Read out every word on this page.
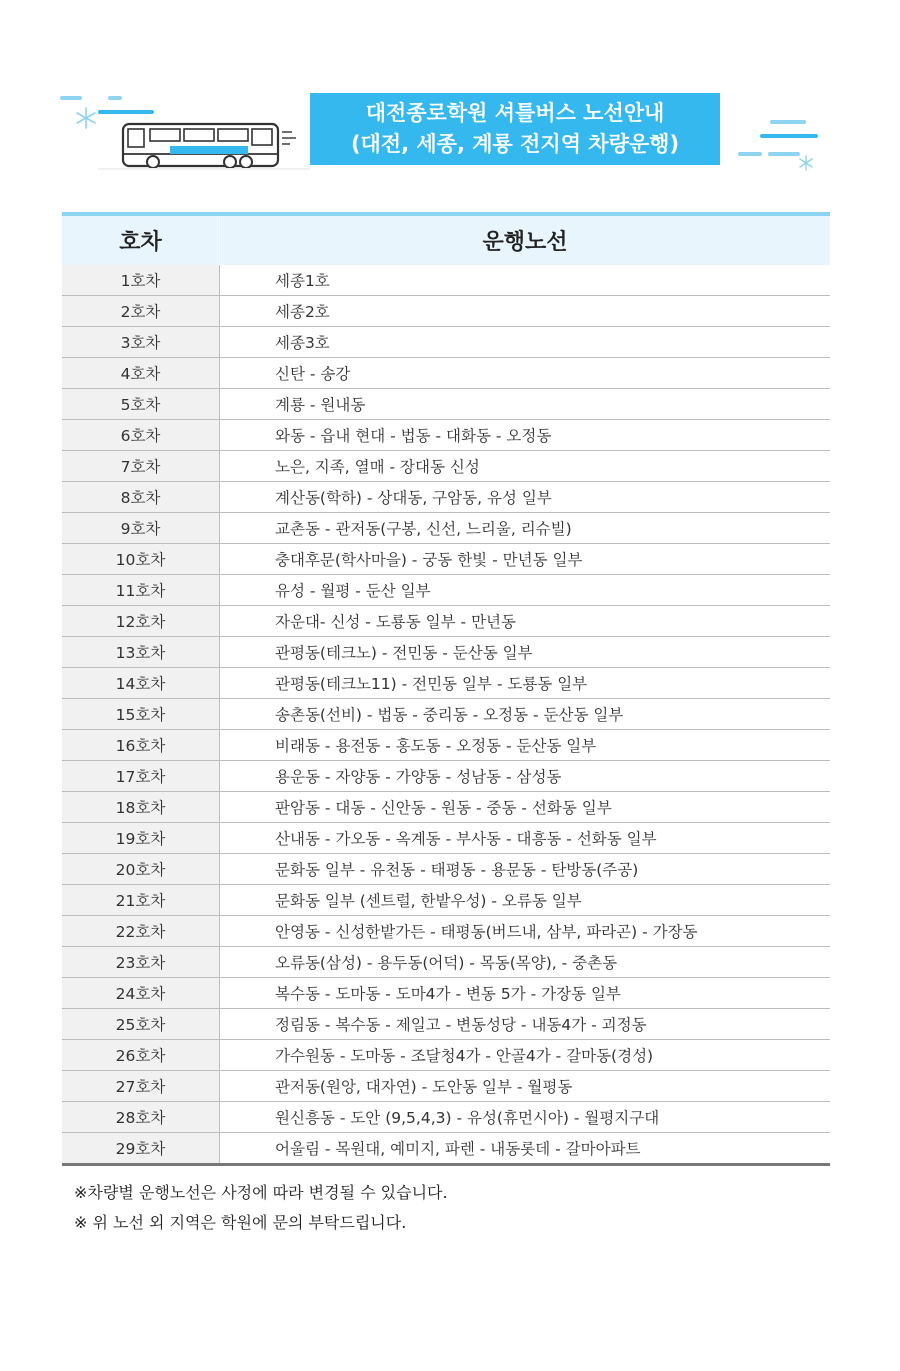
대전종로학원 셔틀버스 노선안내
(대전, 세종, 계룡 전지역 차량운행)
호차	운행노선
1호차	세종1호
2호차	세종2호
3호차	세종3호
4호차	신탄 - 송강
5호차	계룡 - 원내동
6호차	와동 - 읍내 현대 - 법동 - 대화동 - 오정동
7호차	노은, 지족, 열매 - 장대동 신성
8호차	계산동(학하) - 상대동, 구암동, 유성 일부
9호차	교촌동 - 관저동(구봉, 신선, 느리울, 리슈빌)
10호차	충대후문(학사마을) - 궁동 한빛 - 만년동 일부
11호차	유성 - 월평 - 둔산 일부
12호차	자운대- 신성 - 도룡동 일부 - 만년동
13호차	관평동(테크노) - 전민동 - 둔산동 일부
14호차	관평동(테크노11) - 전민동 일부 - 도룡동 일부
15호차	송촌동(선비) - 법동 - 중리동 - 오정동 - 둔산동 일부
16호차	비래동 - 용전동 - 홍도동 - 오정동 - 둔산동 일부
17호차	용운동 - 자양동 - 가양동 - 성남동 - 삼성동
18호차	판암동 - 대동 - 신안동 - 원동 - 중동 - 선화동 일부
19호차	산내동 - 가오동 - 옥계동 - 부사동 - 대흥동 - 선화동 일부
20호차	문화동 일부 - 유천동 - 태평동 - 용문동 - 탄방동(주공)
21호차	문화동 일부 (센트럴, 한밭우성) - 오류동 일부
22호차	안영동 - 신성한밭가든 - 태평동(버드내, 삼부, 파라곤) - 가장동
23호차	오류동(삼성) - 용두동(어덕) - 목동(목양), - 중촌동
24호차	복수동 - 도마동 - 도마4가 - 변동 5가 - 가장동 일부
25호차	정림동 - 복수동 - 제일고 - 변동성당 - 내동4가 - 괴정동
26호차	가수원동 - 도마동 - 조달청4가 - 안골4가 - 갈마동(경성)
27호차	관저동(원앙, 대자연) - 도안동 일부 - 월평동
28호차	원신흥동 - 도안 (9,5,4,3) - 유성(휴먼시아) - 월평지구대
29호차	어울림 - 목원대, 예미지, 파렌 - 내동롯데 - 갈마아파트
※차량별 운행노선은 사정에 따라 변경될 수 있습니다.
※ 위 노선 외 지역은 학원에 문의 부탁드립니다.
